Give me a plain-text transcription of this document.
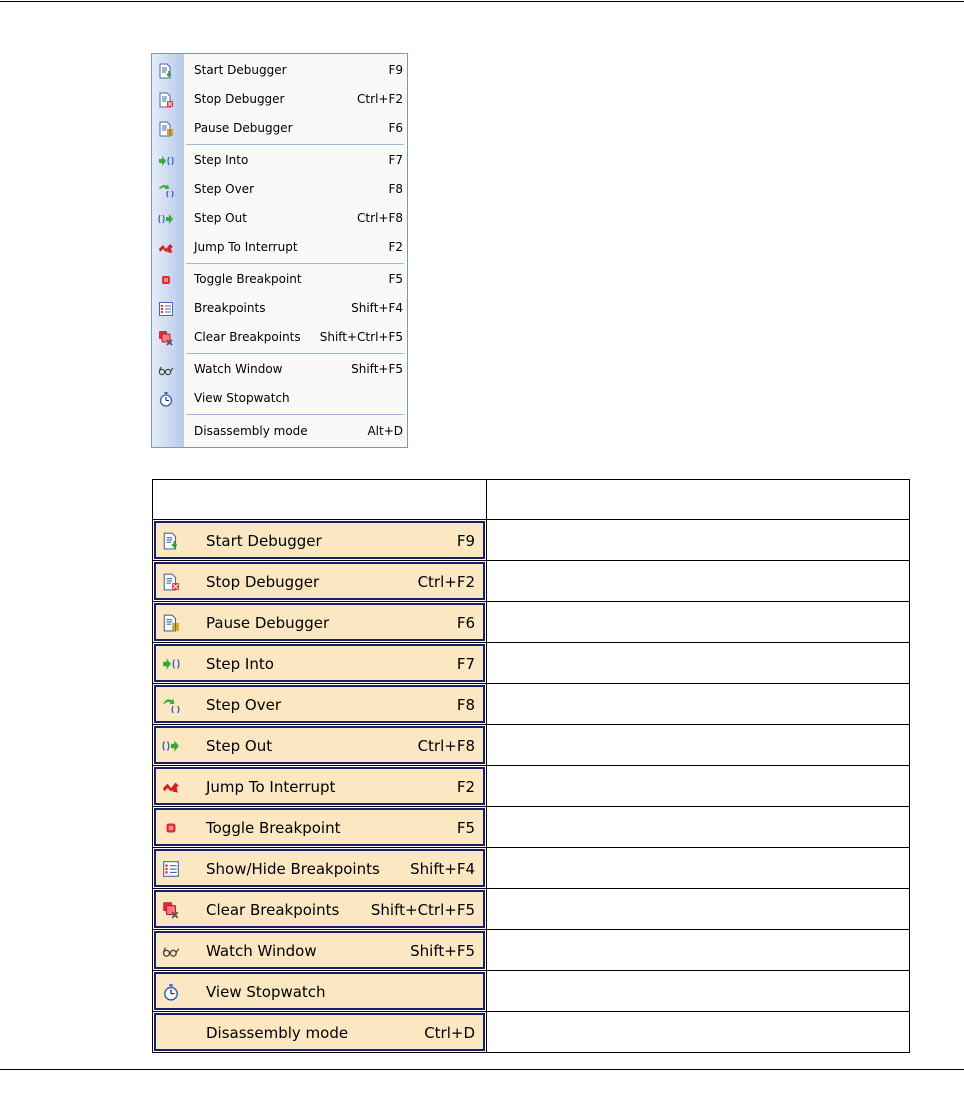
Start Debugger	F9
Stop Debugger	Ctrl+F2
Pause Debugger	F6
Step Into	F7
Step Over	F8
Step Out	Ctrl+F8
Jump To Interrupt	F2
Toggle Breakpoint	F5
Breakpoints	Shift+F4
Clear Breakpoints Shift+Ctrl+F5
Watch Window	Shift+F5
View Stopwatch
Disassembly mode	Alt+D

Start Debugger F9	

Stop Debugger Ctrl+F2	

Pause Debugger F6	

Step Into F7	

Step Over F8	

Step Out Ctrl+F8	

Jump To Interrupt F2	

Toggle Breakpoint F5	

Show/Hide Breakpoints Shift+F4	

Clear Breakpoints Shift+Ctrl+F5	

Watch Window Shift+F5	

View Stopwatch	

Disassembly mode Ctrl+D	
